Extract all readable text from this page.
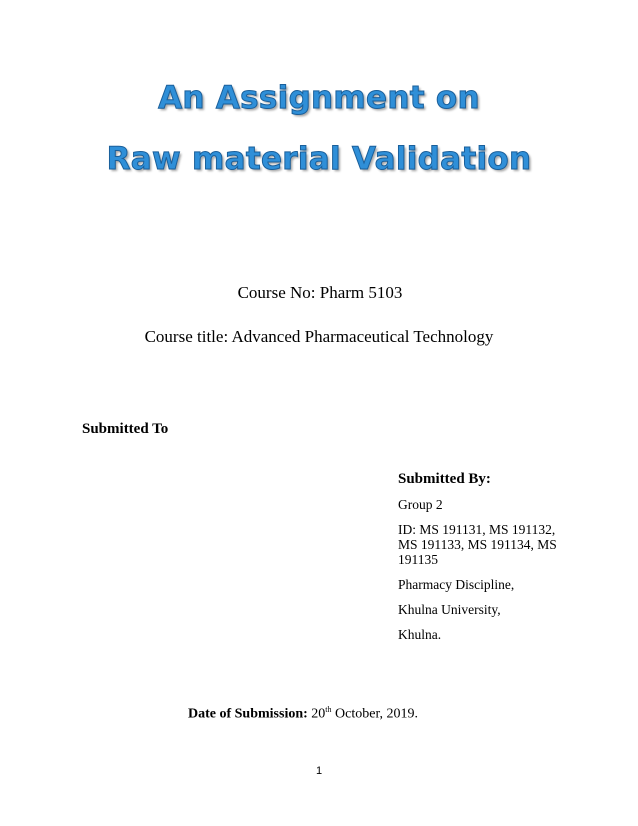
An Assignment on
Raw material Validation
Course No: Pharm 5103
Course title: Advanced Pharmaceutical Technology
Submitted To
Submitted By:
Group 2
ID: MS 191131, MS 191132, MS 191133, MS 191134, MS 191135
Pharmacy Discipline,
Khulna University,
Khulna.
Date of Submission: 20th October, 2019.
1
